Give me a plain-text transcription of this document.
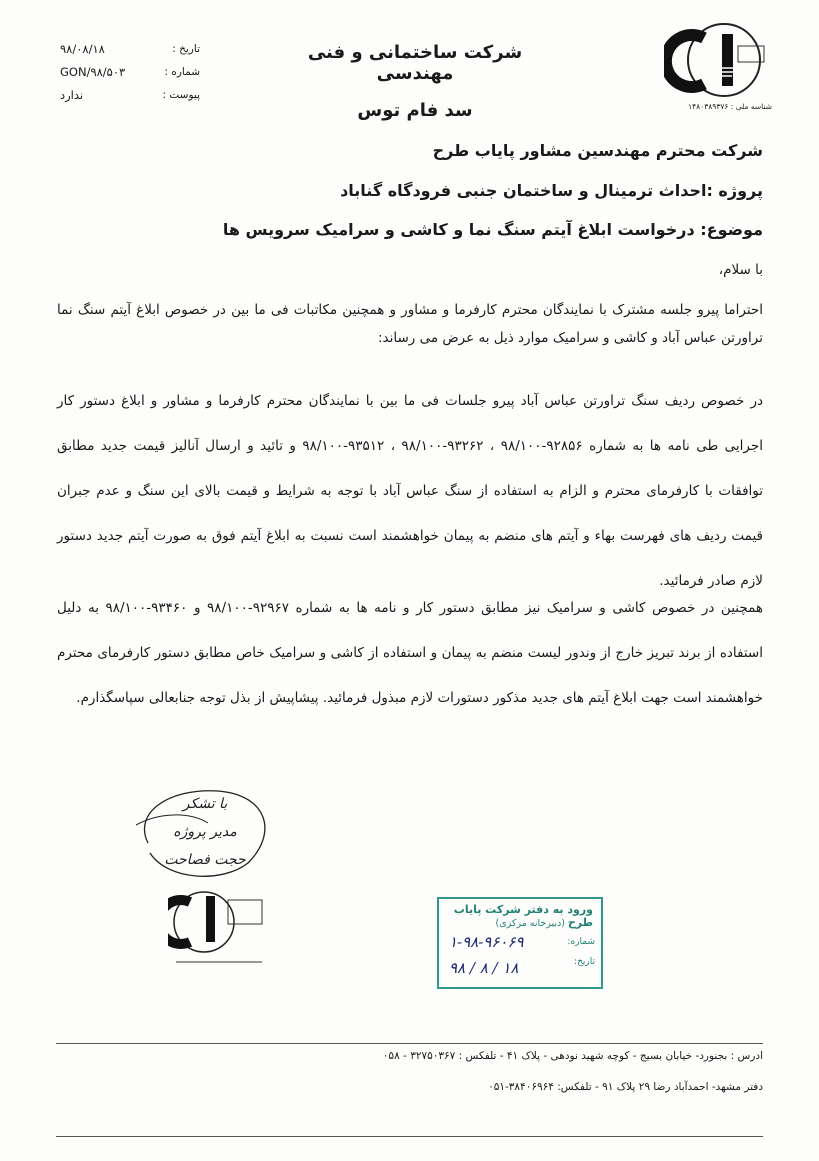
تاریخ :
۹۸/۰۸/۱۸
شماره :
GON/۹۸/۵۰۳
پیوست :
ندارد
شرکت ساختمانی و فنی مهندسی
سد فام توس	شناسه ملی : ۱۴۸۰۳۸۹۳۷۶
شرکت محترم مهندسین مشاور پایاب طرح
پروژه :احداث ترمینال و ساختمان جنبی فرودگاه گناباد
موضوع: درخواست ابلاغ آیتم سنگ نما و کاشی و سرامیک سرویس ها
با سلام،
احتراما پیرو جلسه مشترک با نمایندگان محترم کارفرما و مشاور و همچنین مکاتبات فی ما بین در خصوص ابلاغ آیتم سنگ نما تراورتن عباس آباد و کاشی و سرامیک موارد ذیل به عرض می رساند:
در خصوص ردیف سنگ تراورتن عباس آباد پیرو جلسات فی ما بین با نمایندگان محترم کارفرما و مشاور و ابلاغ دستور کار اجرایی طی نامه ها به شماره ۹۲۸۵۶-۹۸/۱۰۰ ، ۹۳۲۶۲-۹۸/۱۰۰ ، ۹۳۵۱۲-۹۸/۱۰۰ و تائید و ارسال آنالیز قیمت جدید مطابق توافقات با کارفرمای محترم و الزام به استفاده از سنگ عباس آباد با توجه به شرایط و قیمت بالای این سنگ و عدم جبران قیمت ردیف های فهرست بهاء و آیتم های منضم به پیمان خواهشمند است نسبت به ابلاغ آیتم فوق به صورت آیتم جدید دستور لازم صادر فرمائید.
همچنین در خصوص کاشی و سرامیک نیز مطابق دستور کار و نامه ها به شماره ۹۲۹۶۷-۹۸/۱۰۰ و ۹۳۴۶۰-۹۸/۱۰۰ به دلیل استفاده از برند تبریز خارج از وندور لیست منضم به پیمان و استفاده از کاشی و سرامیک خاص مطابق دستور کارفرمای محترم خواهشمند است جهت ابلاغ آیتم های جدید مذکور دستورات لازم مبذول فرمائید. پیشاپیش از بذل توجه جنابعالی سپاسگذارم.
با تشکر
مدیر پروژه
حجت فصاحت
ورود به دفتر شرکت پایاب طرح
(دبیرخانه مرکزی)
شماره:
تاریخ:
۱-۹۸-۹۶۰۶۹
۹۸ / ۸ / ۱۸
ادرس : بجنورد- خیابان بسیج - کوچه شهید نودهی - پلاک ۴۱ - تلفکس : ۳۲۷۵۰۳۶۷ - ۰۵۸
دفتر مشهد- احمدآباد رضا ۲۹ پلاک ۹۱ - تلفکس: ۳۸۴۰۶۹۶۴-۰۵۱
